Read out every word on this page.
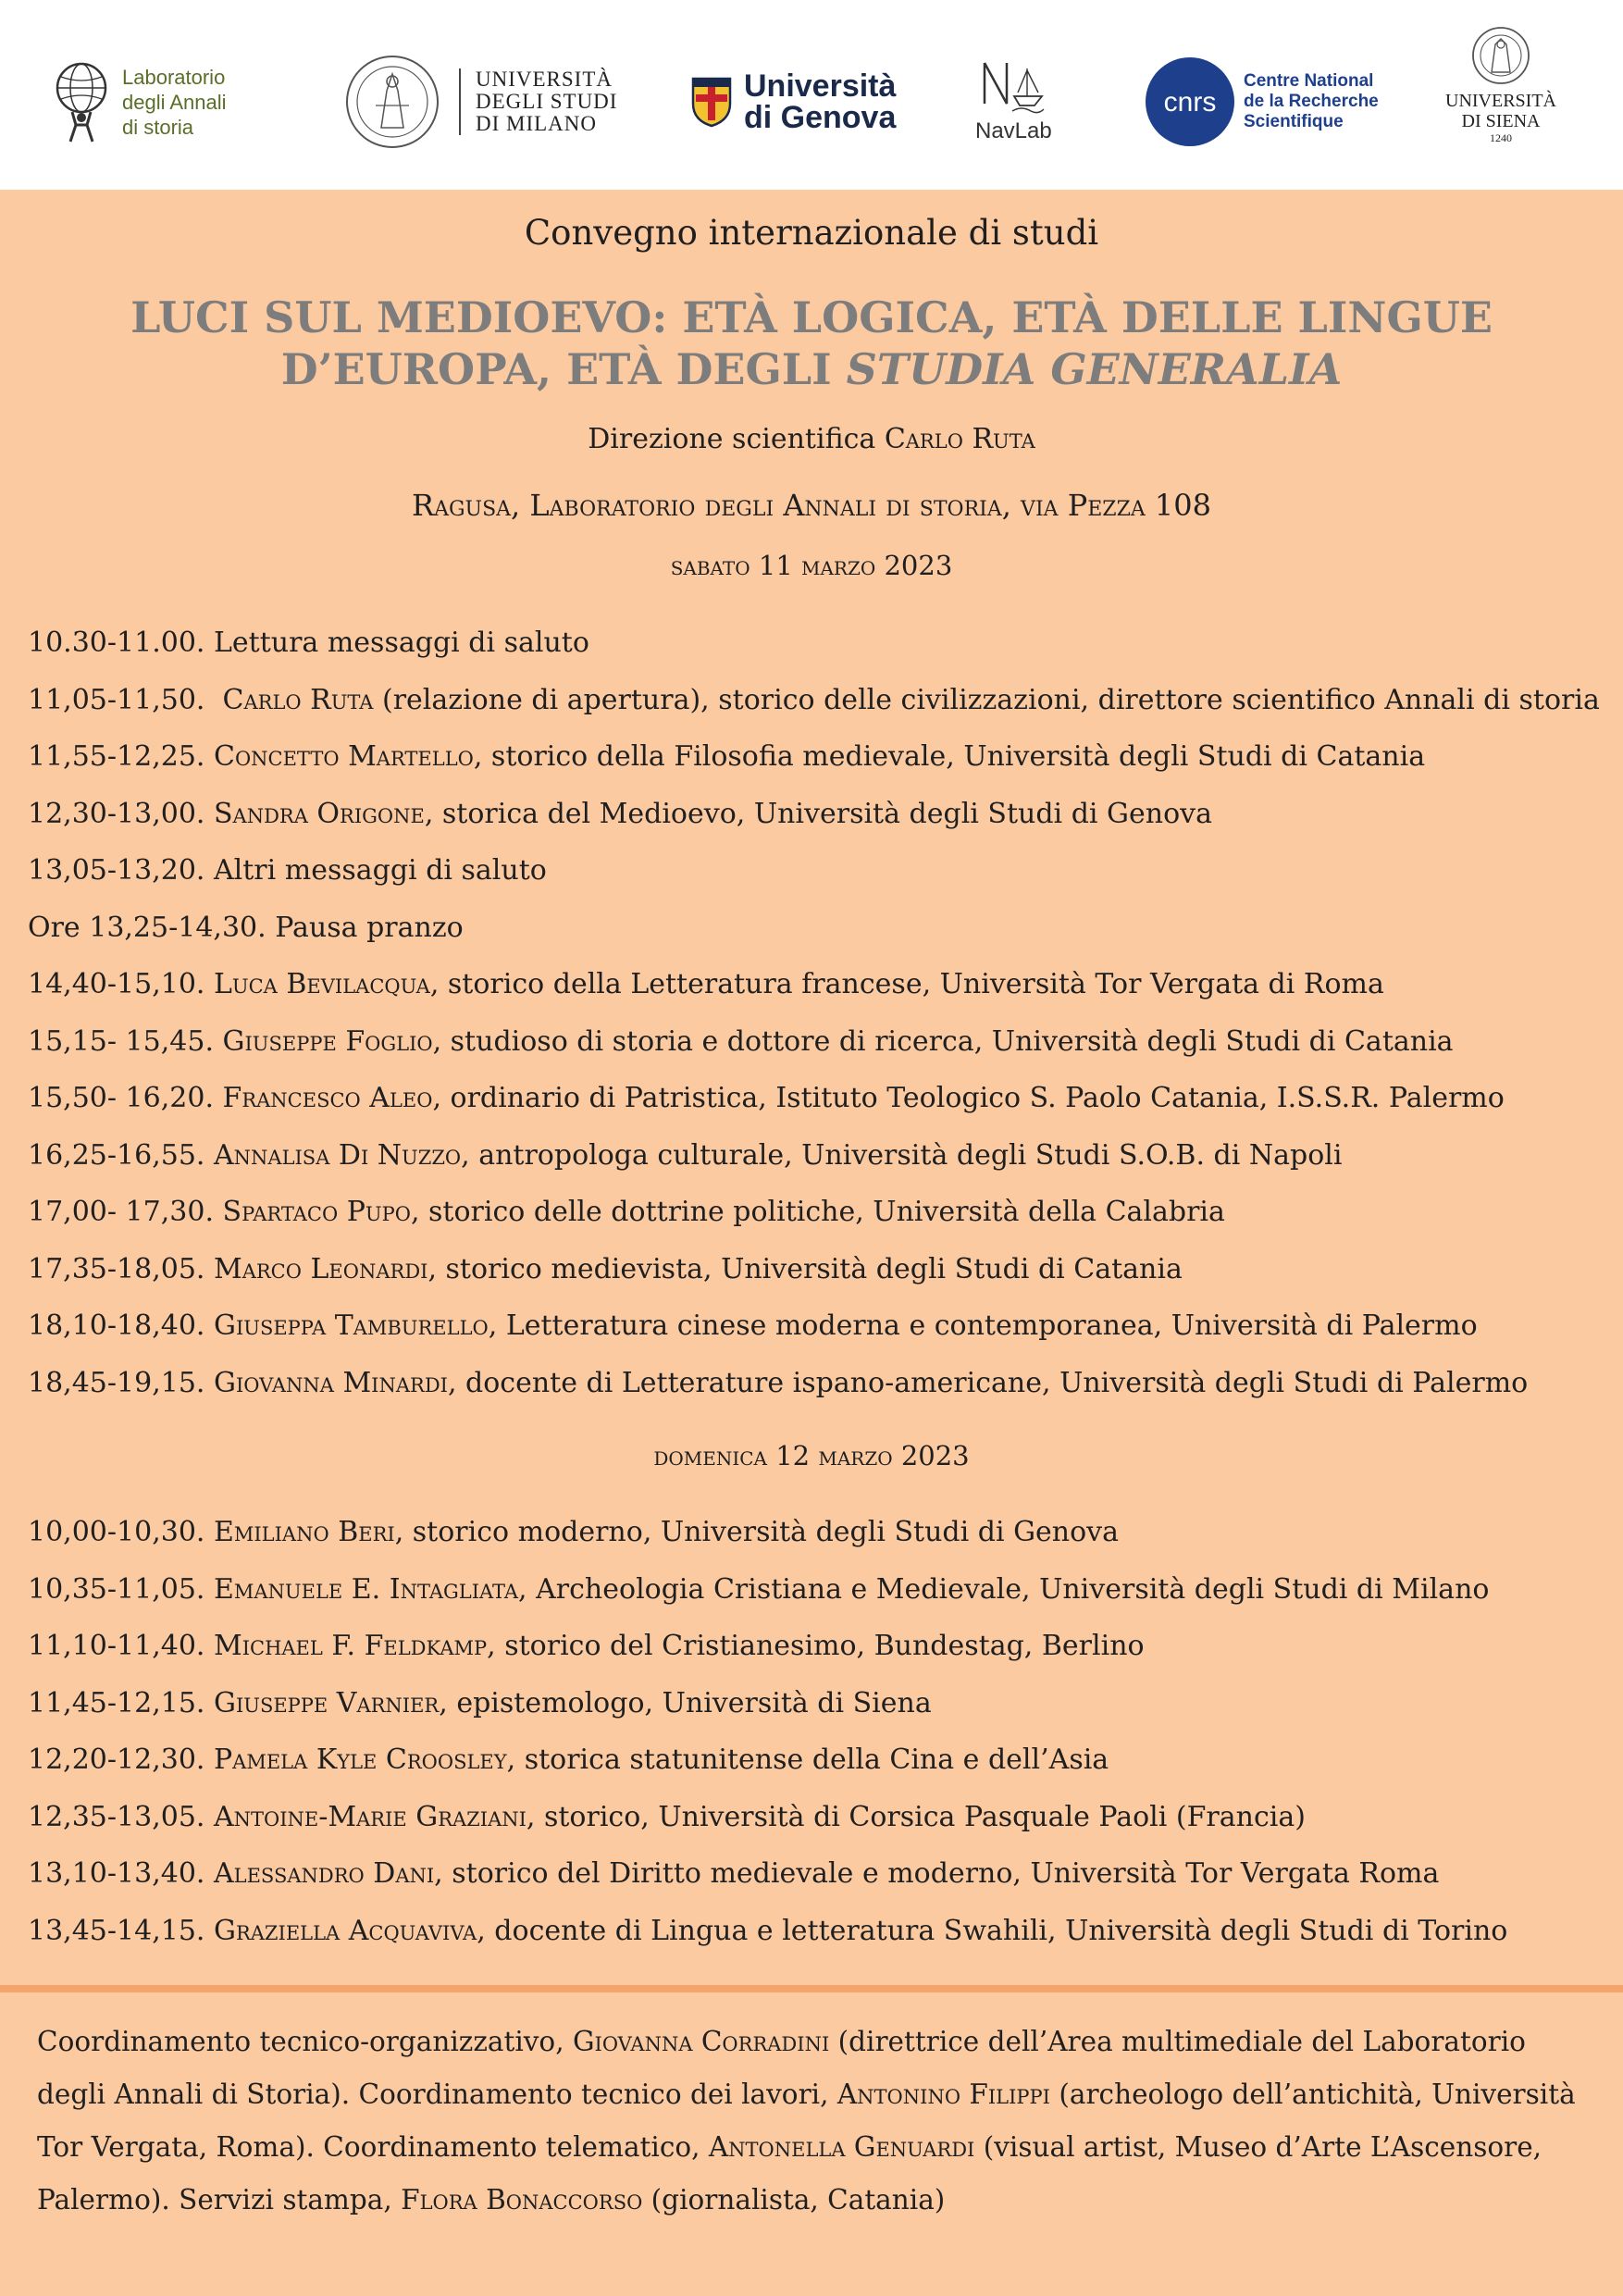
Laboratorio
degli Annali
di storia
UNIVERSITÀ
DEGLI STUDI
DI MILANO
Università
di Genova	NavLab
cnrs
Centre National
de la Recherche
Scientifique
UNIVERSITÀ
DI SIENA
1240
Convegno internazionale di studi
LUCI SUL MEDIOEVO: ETÀ LOGICA, ETÀ DELLE LINGUE
D’EUROPA, ETÀ DEGLI STUDIA GENERALIA
Direzione scientifica Carlo Ruta
Ragusa, Laboratorio degli Annali di storia, via Pezza 108
sabato 11 marzo 2023
10.30-11.00. Lettura messaggi di saluto
11,05-11,50.  Carlo Ruta (relazione di apertura), storico delle civilizzazioni, direttore scientifico Annali di storia
11,55-12,25. Concetto Martello, storico della Filosofia medievale, Università degli Studi di Catania
12,30-13,00. Sandra Origone, storica del Medioevo, Università degli Studi di Genova
13,05-13,20. Altri messaggi di saluto
Ore 13,25-14,30. Pausa pranzo
14,40-15,10. Luca Bevilacqua, storico della Letteratura francese, Università Tor Vergata di Roma
15,15- 15,45. Giuseppe Foglio, studioso di storia e dottore di ricerca, Università degli Studi di Catania
15,50- 16,20. Francesco Aleo, ordinario di Patristica, Istituto Teologico S. Paolo Catania, I.S.S.R. Palermo
16,25-16,55. Annalisa Di Nuzzo, antropologa culturale, Università degli Studi S.O.B. di Napoli
17,00- 17,30. Spartaco Pupo, storico delle dottrine politiche, Università della Calabria
17,35-18,05. Marco Leonardi, storico medievista, Università degli Studi di Catania
18,10-18,40. Giuseppa Tamburello, Letteratura cinese moderna e contemporanea, Università di Palermo
18,45-19,15. Giovanna Minardi, docente di Letterature ispano-americane, Università degli Studi di Palermo
domenica 12 marzo 2023
10,00-10,30. Emiliano Beri, storico moderno, Università degli Studi di Genova
10,35-11,05. Emanuele E. Intagliata, Archeologia Cristiana e Medievale, Università degli Studi di Milano
11,10-11,40. Michael F. Feldkamp, storico del Cristianesimo, Bundestag, Berlino
11,45-12,15. Giuseppe Varnier, epistemologo, Università di Siena
12,20-12,30. Pamela Kyle Croosley, storica statunitense della Cina e dell’Asia
12,35-13,05. Antoine-Marie Graziani, storico, Università di Corsica Pasquale Paoli (Francia)
13,10-13,40. Alessandro Dani, storico del Diritto medievale e moderno, Università Tor Vergata Roma
13,45-14,15. Graziella Acquaviva, docente di Lingua e letteratura Swahili, Università degli Studi di Torino
Coordinamento tecnico-organizzativo, Giovanna Corradini (direttrice dell’Area multimediale del Laboratorio
degli Annali di Storia). Coordinamento tecnico dei lavori, Antonino Filippi (archeologo dell’antichità, Università
Tor Vergata, Roma). Coordinamento telematico, Antonella Genuardi (visual artist, Museo d’Arte L’Ascensore,
Palermo). Servizi stampa, Flora Bonaccorso (giornalista, Catania)
